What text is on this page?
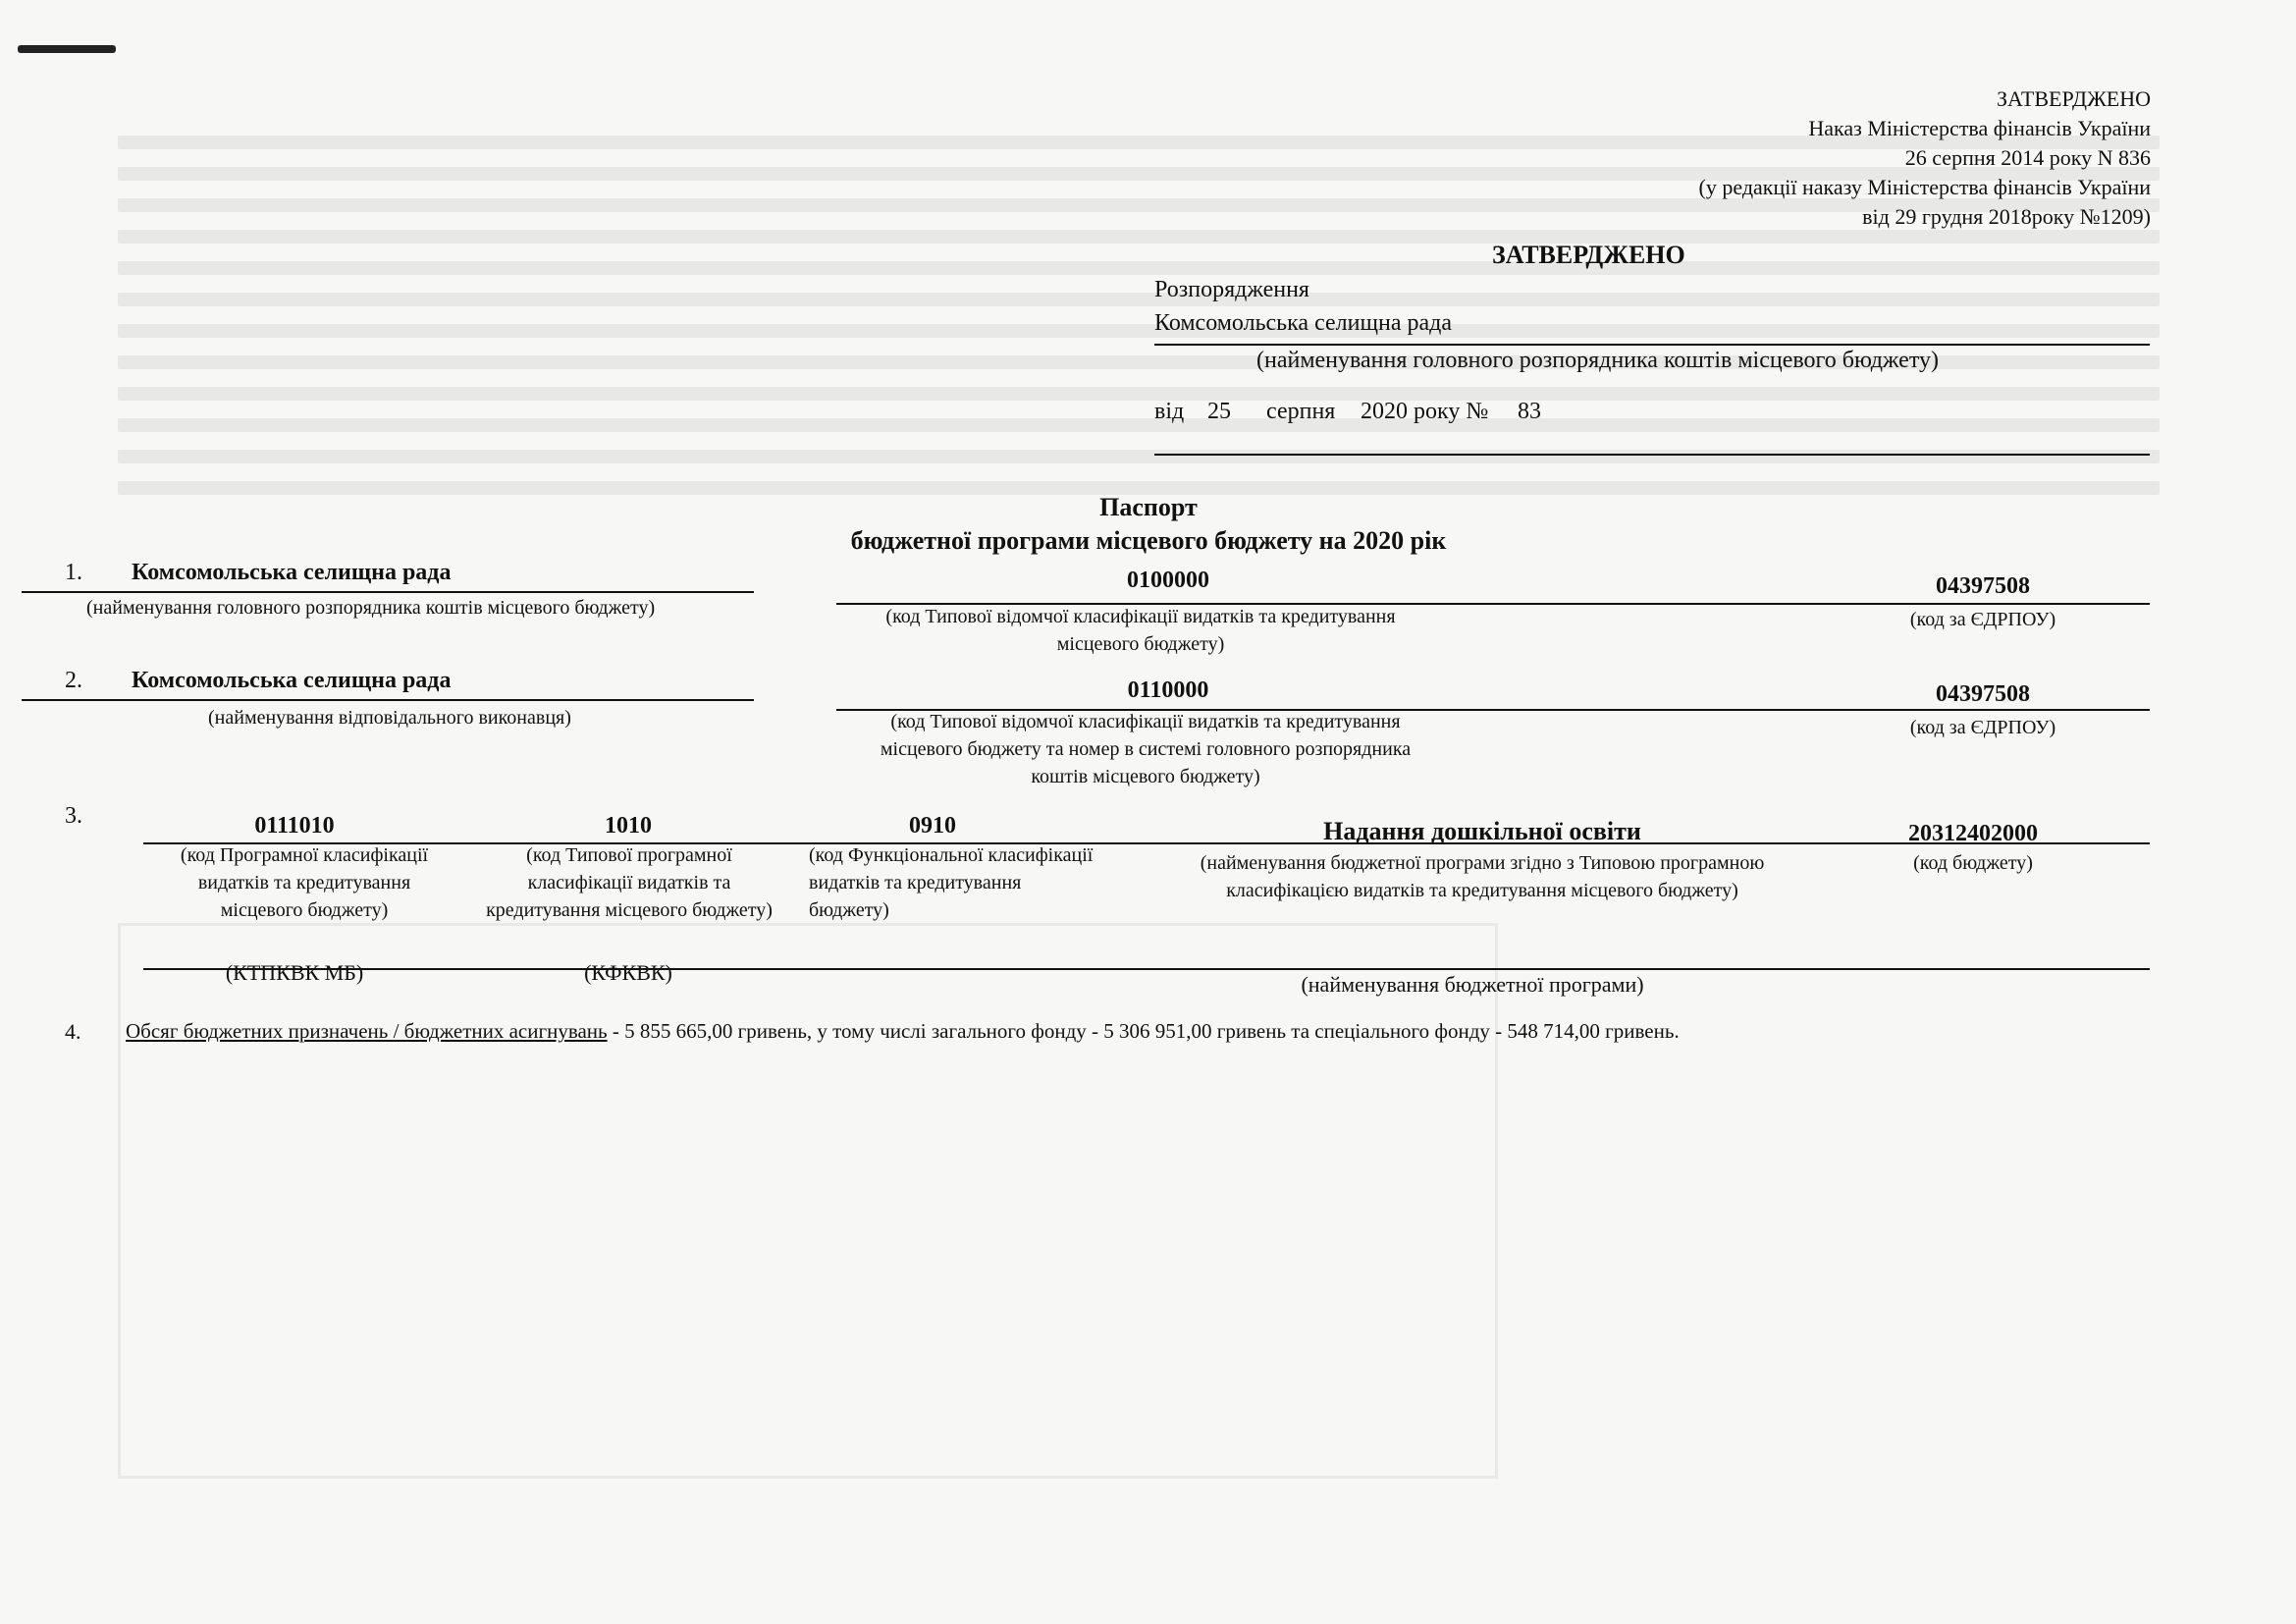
ЗАТВЕРДЖЕНО
Наказ Міністерства фінансів України
26 серпня 2014 року N 836
(у редакції наказу Міністерства фінансів України
від 29 грудня 2018року №1209)
ЗАТВЕРДЖЕНО
Розпорядження
Комсомольська селищна рада
(найменування головного розпорядника коштів місцевого бюджету)
від 25 серпня 2020 року № 83
Паспорт
бюджетної програми місцевого бюджету на 2020 рік
1. Комсомольська селищна рада	0100000	04397508
(найменування головного розпорядника коштів місцевого бюджету)	(код Типової відомчої класифікації видатків та кредитування місцевого бюджету)
(код за ЄДРПОУ)
2. Комсомольська селищна рада	0110000	04397508
(найменування відповідального виконавця)	(код Типової відомчої класифікації видатків та кредитування
місцевого бюджету та номер в системі головного розпорядника
коштів місцевого бюджету)
(код за ЄДРПОУ)
3.	0111010	1010	0910	Надання дошкільної освіти	20312402000
(код Програмної класифікації
видатків та кредитування
місцевого бюджету)
(код Типової програмної
класифікації видатків та
кредитування місцевого бюджету)
(код Функціональної класифікації
видатків та кредитування
бюджету)
(найменування бюджетної програми згідно з Типовою програмною
класифікацією видатків та кредитування місцевого бюджету)
(код бюджету)
(КТПКВК МБ)	(КФКВК)	(найменування бюджетної програми)
4. Обсяг бюджетних призначень / бюджетних асигнувань - 5 855 665,00 гривень, у тому числі загального фонду - 5 306 951,00 гривень та спеціального фонду - 548 714,00 гривень.
